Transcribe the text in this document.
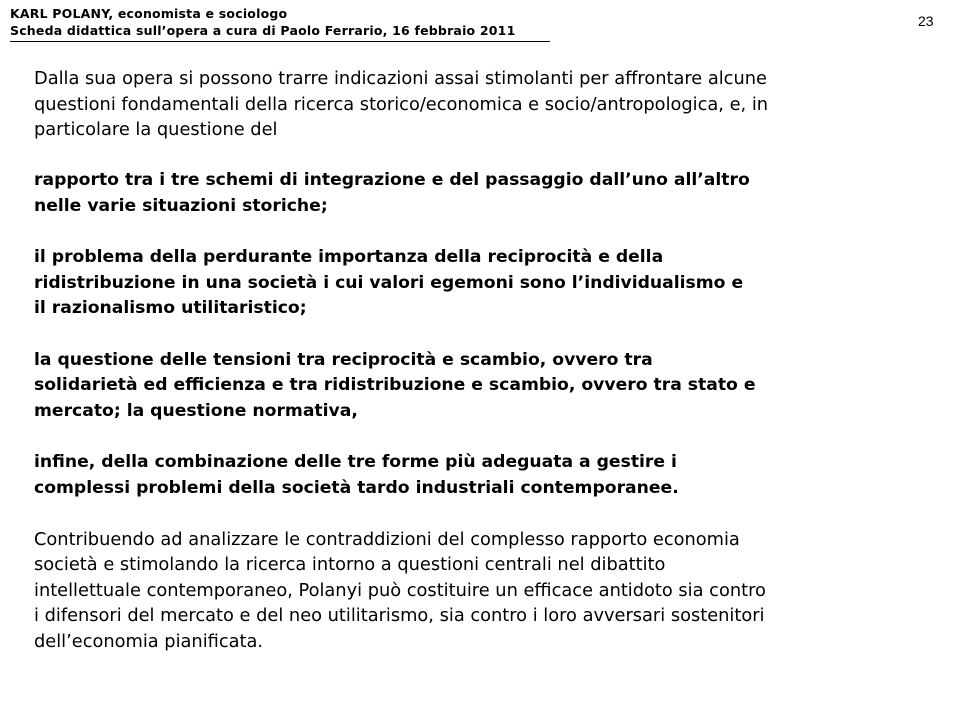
KARL POLANY, economista e sociologo
Scheda didattica sull’opera a cura di Paolo Ferrario, 16 febbraio 2011
23

Dalla sua opera si possono trarre indicazioni assai stimolanti per affrontare alcune
questioni fondamentali della ricerca storico/economica e socio/antropologica, e, in
particolare la questione del

rapporto tra i tre schemi di integrazione e del passaggio dall’uno all’altro
nelle varie situazioni storiche;

il problema della perdurante importanza della reciprocità e della
ridistribuzione in una società i cui valori egemoni sono l’individualismo e
il razionalismo utilitaristico;

la questione delle tensioni tra reciprocità e scambio, ovvero tra
solidarietà ed efficienza e tra ridistribuzione e scambio, ovvero tra stato e
mercato; la questione normativa,

infine, della combinazione delle tre forme più adeguata a gestire i
complessi problemi della società tardo industriali contemporanee.

Contribuendo ad analizzare le contraddizioni del complesso rapporto economia
società e stimolando la ricerca intorno a questioni centrali nel dibattito
intellettuale contemporaneo, Polanyi può costituire un efficace antidoto sia contro
i difensori del mercato e del neo utilitarismo, sia contro i loro avversari sostenitori
dell’economia pianificata.
